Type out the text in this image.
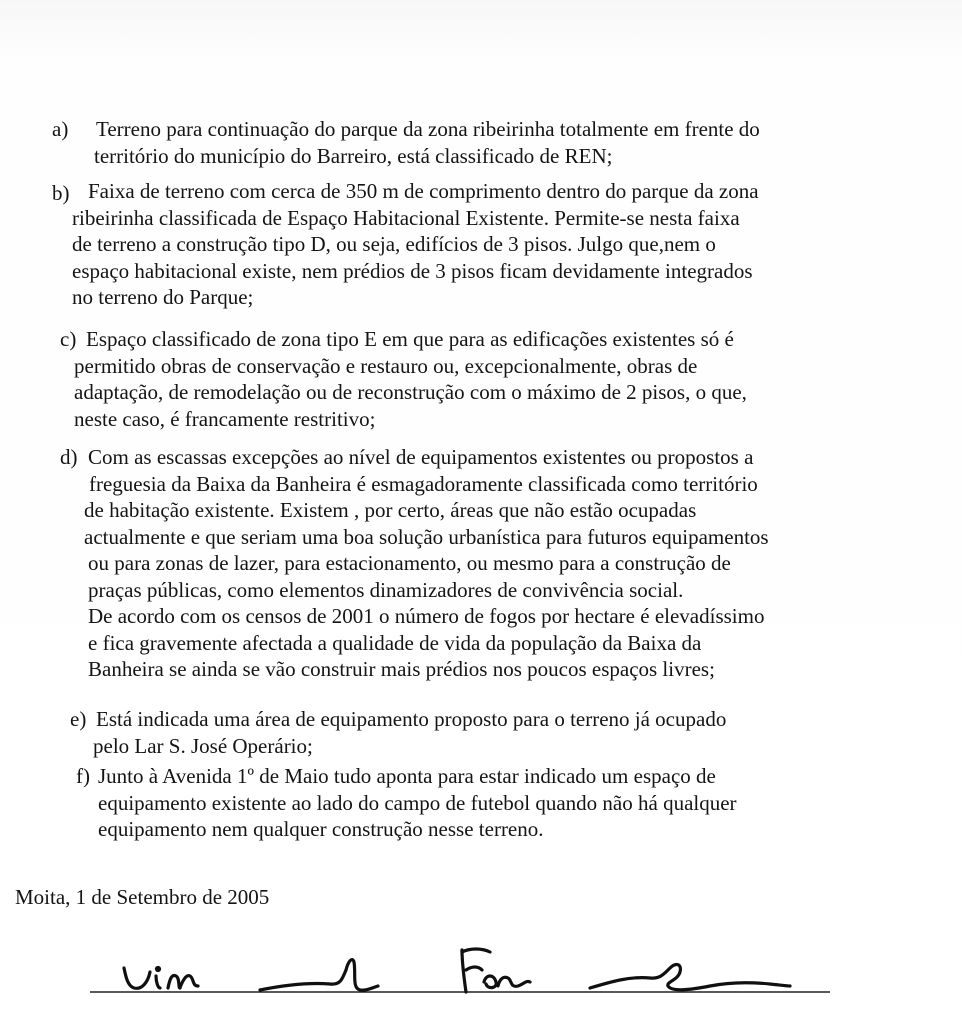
a) Terreno para continuação do parque da zona ribeirinha totalmente em frente do
território do município do Barreiro, está classificado de REN;
b) Faixa de terreno com cerca de 350 m de comprimento dentro do parque da zona
ribeirinha classificada de Espaço Habitacional Existente. Permite-se nesta faixa
de terreno a construção tipo D, ou seja, edifícios de 3 pisos. Julgo que,nem o
espaço habitacional existe, nem prédios de 3 pisos ficam devidamente integrados
no terreno do Parque;
c) Espaço classificado de zona tipo E em que para as edificações existentes só é
permitido obras de conservação e restauro ou, excepcionalmente, obras de
adaptação, de remodelação ou de reconstrução com o máximo de 2 pisos, o que,
neste caso, é francamente restritivo;
d) Com as escassas excepções ao nível de equipamentos existentes ou propostos a
freguesia da Baixa da Banheira é esmagadoramente classificada como território
de habitação existente. Existem , por certo, áreas que não estão ocupadas
actualmente e que seriam uma boa solução urbanística para futuros equipamentos
ou para zonas de lazer, para estacionamento, ou mesmo para a construção de
praças públicas, como elementos dinamizadores de convivência social.
De acordo com os censos de 2001 o número de fogos por hectare é elevadíssimo
e fica gravemente afectada a qualidade de vida da população da Baixa da
Banheira se ainda se vão construir mais prédios nos poucos espaços livres;
e) Está indicada uma área de equipamento proposto para o terreno já ocupado
pelo Lar S. José Operário;
f) Junto à Avenida 1º de Maio tudo aponta para estar indicado um espaço de
equipamento existente ao lado do campo de futebol quando não há qualquer
equipamento nem qualquer construção nesse terreno.
Moita, 1 de Setembro de 2005
